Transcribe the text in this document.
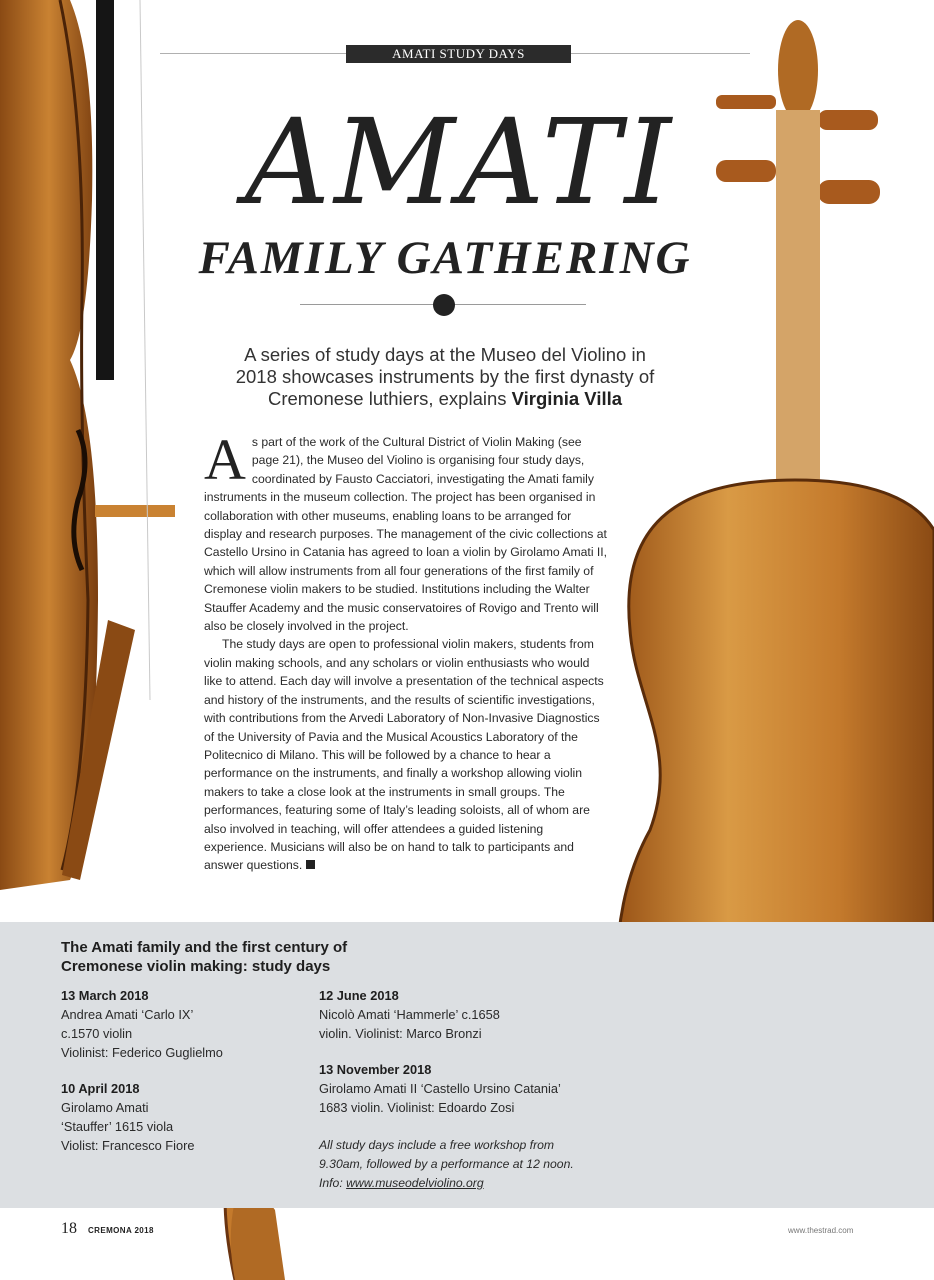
AMATI STUDY DAYS
AMATI
FAMILY GATHERING

A series of study days at the Museo del Violino in 2018 showcases instruments by the first dynasty of Cremonese luthiers, explains Virginia Villa

As part of the work of the Cultural District of Violin Making (see page 21), the Museo del Violino is organising four study days, coordinated by Fausto Cacciatori, investigating the Amati family instruments in the museum collection. The project has been organised in collaboration with other museums, enabling loans to be arranged for display and research purposes. The management of the civic collections at Castello Ursino in Catania has agreed to loan a violin by Girolamo Amati II, which will allow instruments from all four generations of the first family of Cremonese violin makers to be studied. Institutions including the Walter Stauffer Academy and the music conservatoires of Rovigo and Trento will also be closely involved in the project.

The study days are open to professional violin makers, students from violin making schools, and any scholars or violin enthusiasts who would like to attend. Each day will involve a presentation of the technical aspects and history of the instruments, and the results of scientific investigations, with contributions from the Arvedi Laboratory of Non-Invasive Diagnostics of the University of Pavia and the Musical Acoustics Laboratory of the Politecnico di Milano. This will be followed by a chance to hear a performance on the instruments, and finally a workshop allowing violin makers to take a close look at the instruments in small groups. The performances, featuring some of Italy’s leading soloists, all of whom are also involved in teaching, will offer attendees a guided listening experience. Musicians will also be on hand to talk to participants and answer questions.

The Amati family and the first century of Cremonese violin making: study days
13 March 2018
Andrea Amati ‘Carlo IX’
c.1570 violin
Violinist: Federico Guglielmo
10 April 2018
Girolamo Amati
‘Stauffer’ 1615 viola
Violist: Francesco Fiore
12 June 2018
Nicolò Amati ‘Hammerle’ c.1658
violin. Violinist: Marco Bronzi
13 November 2018
Girolamo Amati II ‘Castello Ursino Catania’
1683 violin. Violinist: Edoardo Zosi

All study days include a free workshop from 9.30am, followed by a performance at 12 noon. Info: www.museodelviolino.org

18 CREMONA 2018	www.thestrad.com
